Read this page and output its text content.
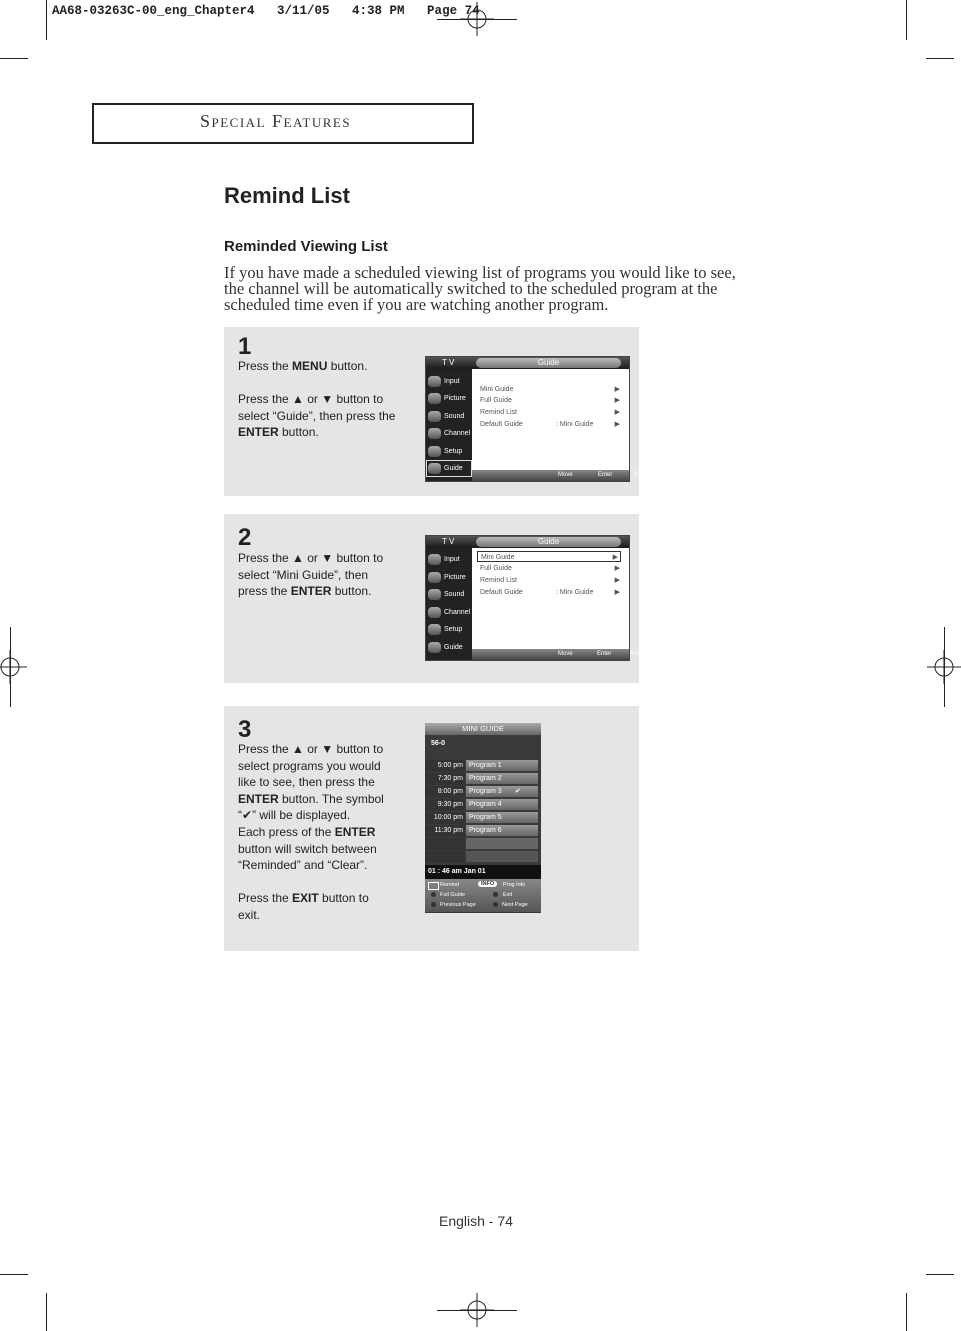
AA68-03263C-00_eng_Chapter4   3/11/05   4:38 PM   Page 74
Special Features
Remind List
Reminded Viewing List
If you have made a scheduled viewing list of programs you would like to see, the channel will be automatically switched to the scheduled program at the scheduled time even if you are watching another program.
1
Press the MENU button.

Press the ▲ or ▼ button to select “Guide”, then press the ENTER button.
T V	Guide
Input
Picture
Sound
Channel
Setup
Guide
Mini Guide	▶
Full Guide	▶
Remind List	▶
Default Guide	: Mini Guide	▶
Move	Enter	Exit
2
Press the ▲ or ▼ button to select “Mini Guide”, then press the ENTER button.
T V	Guide
Input
Picture
Sound
Channel
Setup
Guide
Mini Guide	▶
Full Guide	▶
Remind List	▶
Default Guide	: Mini Guide	▶
Move	Enter	Return
3
Press the ▲ or ▼ button to select programs you would like to see, then press the ENTER button. The symbol “✔” will be displayed.
Each press of the ENTER button will switch between “Reminded” and “Clear”.

Press the EXIT button to exit.
MINI GUIDE
56-0
5:00 pm Program 1
7:30 pm Program 2
8:00 pm Program 3	✔
9:30 pm Program 4
10:00 pm Program 5
11:30 pm Program 6
01 : 46 am Jan 01
Remind	INFO	Prog Info
Full Guide	Exit
Previous Page	Next Page
English - 74
